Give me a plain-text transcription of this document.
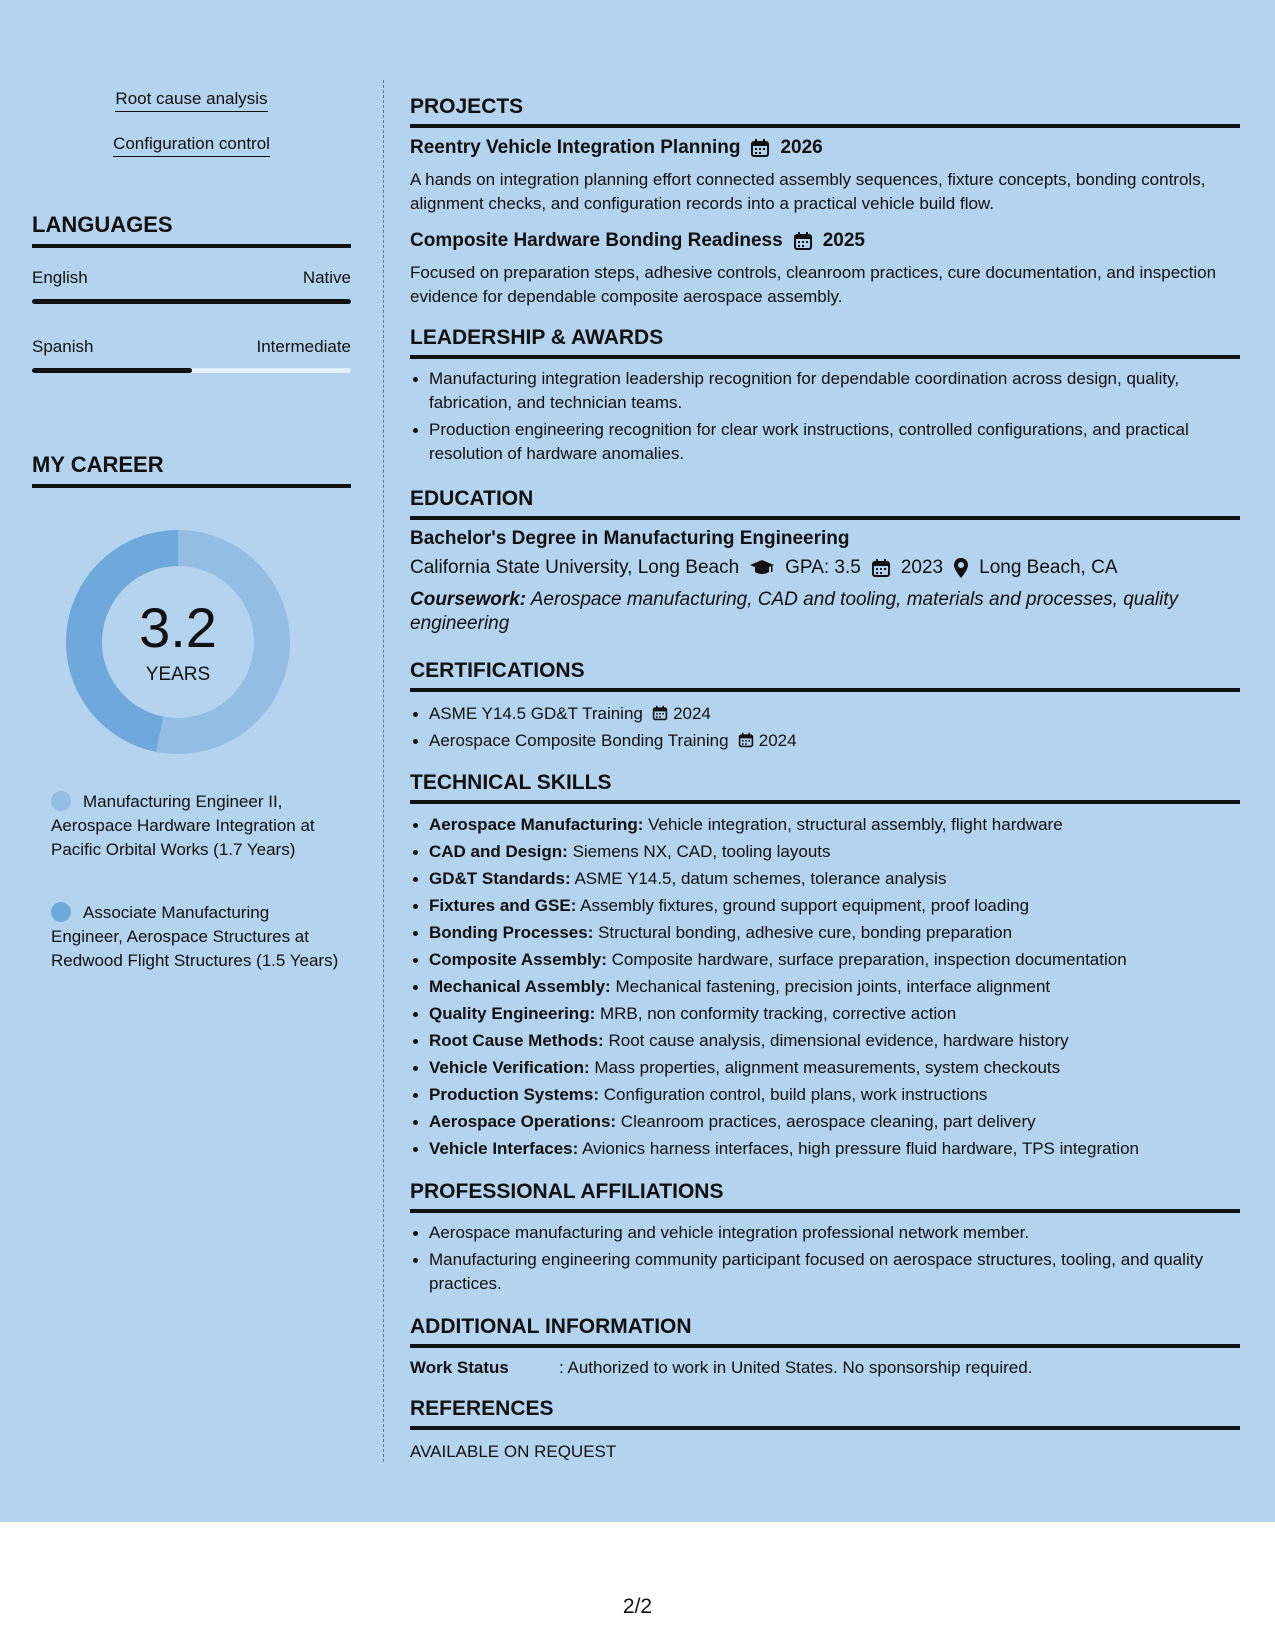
Root cause analysis
Configuration control
LANGUAGES
English	Native
Spanish	Intermediate
MY CAREER
3.2
YEARS
Manufacturing Engineer II, Aerospace Hardware Integration at Pacific Orbital Works (1.7 Years)
Associate Manufacturing Engineer, Aerospace Structures at Redwood Flight Structures (1.5 Years)
PROJECTS
Reentry Vehicle Integration Planning 2026
A hands on integration planning effort connected assembly sequences, fixture concepts, bonding controls, alignment checks, and configuration records into a practical vehicle build flow.
Composite Hardware Bonding Readiness 2025
Focused on preparation steps, adhesive controls, cleanroom practices, cure documentation, and inspection evidence for dependable composite aerospace assembly.
LEADERSHIP & AWARDS
Manufacturing integration leadership recognition for dependable coordination across design, quality, fabrication, and technician teams.
Production engineering recognition for clear work instructions, controlled configurations, and practical resolution of hardware anomalies.
EDUCATION
Bachelor's Degree in Manufacturing Engineering
California State University, Long Beach GPA: 3.5 2023 Long Beach, CA
Coursework: Aerospace manufacturing, CAD and tooling, materials and processes, quality engineering
CERTIFICATIONS
ASME Y14.5 GD&T Training 2024
Aerospace Composite Bonding Training 2024
TECHNICAL SKILLS
Aerospace Manufacturing: Vehicle integration, structural assembly, flight hardware
CAD and Design: Siemens NX, CAD, tooling layouts
GD&T Standards: ASME Y14.5, datum schemes, tolerance analysis
Fixtures and GSE: Assembly fixtures, ground support equipment, proof loading
Bonding Processes: Structural bonding, adhesive cure, bonding preparation
Composite Assembly: Composite hardware, surface preparation, inspection documentation
Mechanical Assembly: Mechanical fastening, precision joints, interface alignment
Quality Engineering: MRB, non conformity tracking, corrective action
Root Cause Methods: Root cause analysis, dimensional evidence, hardware history
Vehicle Verification: Mass properties, alignment measurements, system checkouts
Production Systems: Configuration control, build plans, work instructions
Aerospace Operations: Cleanroom practices, aerospace cleaning, part delivery
Vehicle Interfaces: Avionics harness interfaces, high pressure fluid hardware, TPS integration
PROFESSIONAL AFFILIATIONS
Aerospace manufacturing and vehicle integration professional network member.
Manufacturing engineering community participant focused on aerospace structures, tooling, and quality practices.
ADDITIONAL INFORMATION
Work Status	: Authorized to work in United States. No sponsorship required.
REFERENCES
AVAILABLE ON REQUEST
2/2
